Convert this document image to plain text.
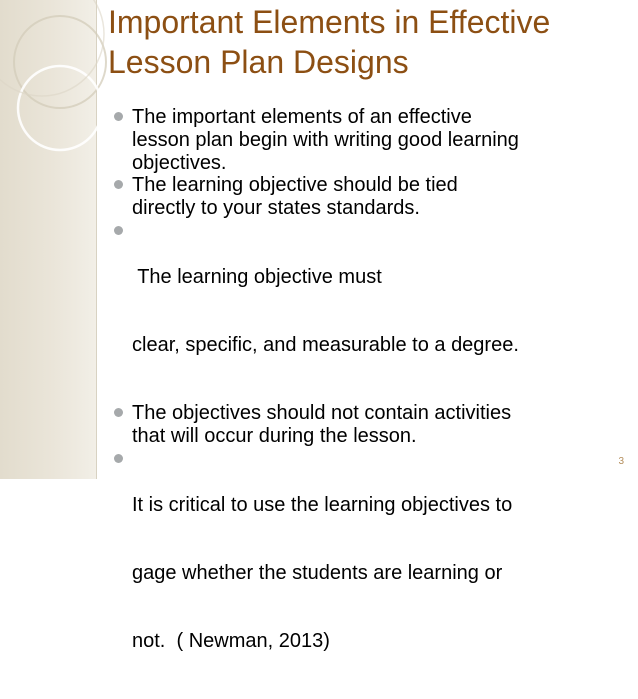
Important Elements in Effective
Lesson Plan Designs
The important elements of an effective
lesson plan begin with writing good learning
objectives.
The learning objective should be tied
directly to your states standards.

The learning objective must

clear, specific, and measurable to a degree.

The objectives should not contain activities
that will occur during the lesson.

It is critical to use the learning objectives to

gage whether the students are learning or

not.  ( Newman, 2013)

3
